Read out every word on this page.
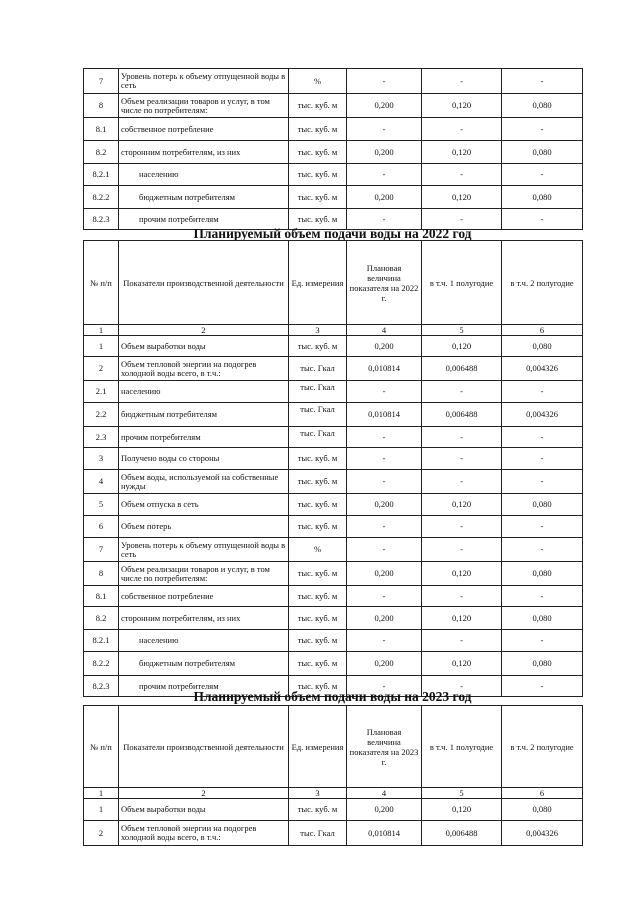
7	Уровень потерь к объему отпущенной воды в сеть	%	-	-	-
8	Объем реализации товаров и услуг, в том числе по потребителям:	тыс. куб. м	0,200	0,120	0,080
8.1	собственное потребление	тыс. куб. м	-	-	-
8.2	сторонним потребителям, из них	тыс. куб. м	0,200	0,120	0,080
8.2.1	населению	тыс. куб. м	-	-	-
8.2.2	бюджетным потребителям	тыс. куб. м	0,200	0,120	0,080
8.2.3	прочим потребителям	тыс. куб. м	-	-	-
Планируемый объем подачи воды на 2022 год
№ п/п	Показатели производственной деятельности	Ед. измерения	Плановая величина показателя на 2022 г.	в т.ч. 1 полугодие	в т.ч. 2 полугодие
1	2	3	4	5	6
1	Объем выработки воды	тыс. куб. м	0,200	0,120	0,080
2	Объем тепловой энергии на подогрев холодной воды всего, в т.ч.:	тыс. Гкал	0,010814	0,006488	0,004326
2.1	населению	тыс. Гкал	-	-	-
2.2	бюджетным потребителям	тыс. Гкал	0,010814	0,006488	0,004326
2.3	прочим потребителям	тыс. Гкал	-	-	-
3	Получено воды со стороны	тыс. куб. м	-	-	-
4	Объем воды, используемой на собственные нужды	тыс. куб. м	-	-	-
5	Объем отпуска в сеть	тыс. куб. м	0,200	0,120	0,080
6	Объем потерь	тыс. куб. м	-	-	-
7	Уровень потерь к объему отпущенной воды в сеть	%	-	-	-
8	Объем реализации товаров и услуг, в том числе по потребителям:	тыс. куб. м	0,200	0,120	0,080
8.1	собственное потребление	тыс. куб. м	-	-	-
8.2	сторонним потребителям, из них	тыс. куб. м	0,200	0,120	0,080
8.2.1	населению	тыс. куб. м	-	-	-
8.2.2	бюджетным потребителям	тыс. куб. м	0,200	0,120	0,080
8.2.3	прочим потребителям	тыс. куб. м	-	-	-
Планируемый объем подачи воды на 2023 год
№ п/п	Показатели производственной деятельности	Ед. измерения	Плановая величина показателя на 2023 г.	в т.ч. 1 полугодие	в т.ч. 2 полугодие
1	2	3	4	5	6
1	Объем выработки воды	тыс. куб. м	0,200	0,120	0,080
2	Объем тепловой энергии на подогрев холодной воды всего, в т.ч.:	тыс. Гкал	0,010814	0,006488	0,004326
